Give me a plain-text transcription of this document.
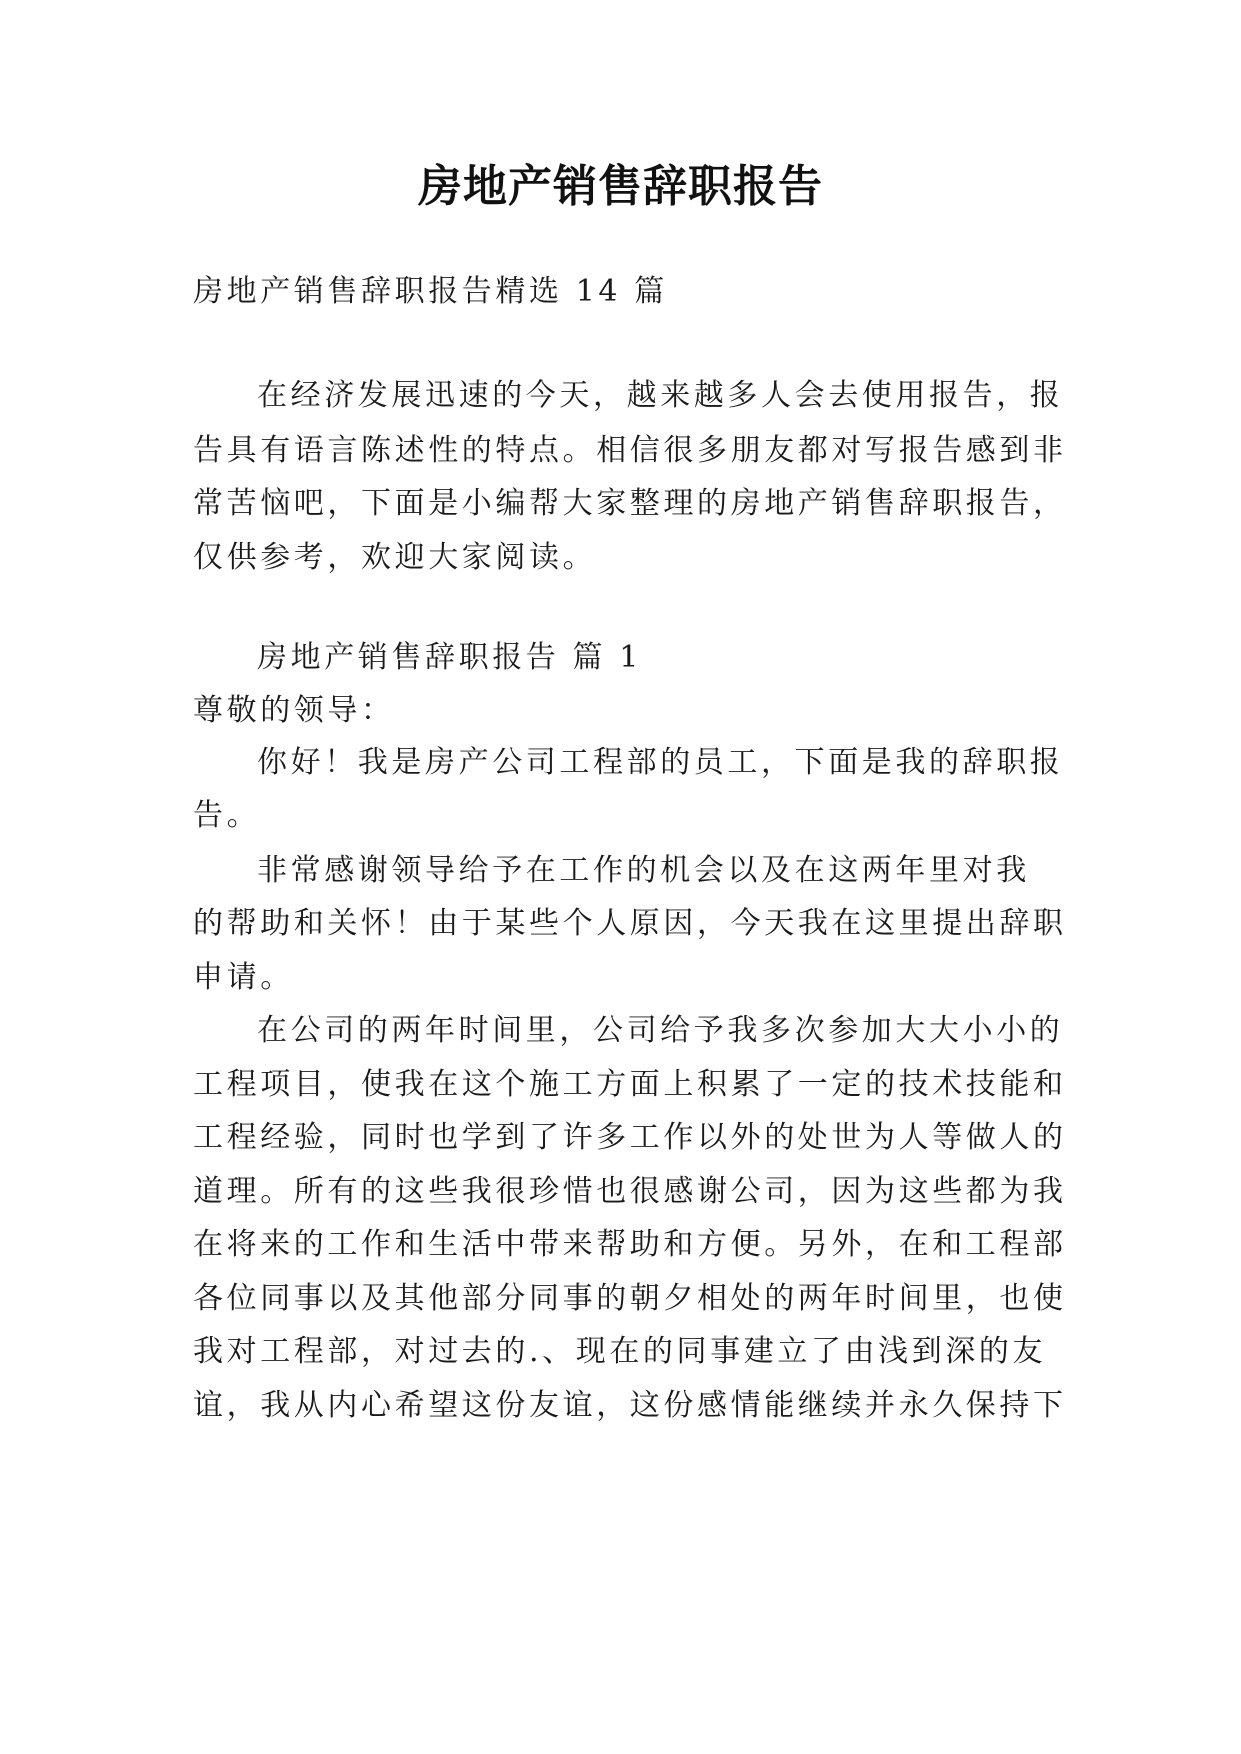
房地产销售辞职报告
房地产销售辞职报告精选 14 篇
在经济发展迅速的今天，越来越多人会去使用报告，报
告具有语言陈述性的特点。相信很多朋友都对写报告感到非
常苦恼吧，下面是小编帮大家整理的房地产销售辞职报告，
仅供参考，欢迎大家阅读。
房地产销售辞职报告 篇 1
尊敬的领导：
你好！我是房产公司工程部的员工，下面是我的辞职报
告。
非常感谢领导给予在工作的机会以及在这两年里对我
的帮助和关怀！由于某些个人原因，今天我在这里提出辞职
申请。
在公司的两年时间里，公司给予我多次参加大大小小的
工程项目，使我在这个施工方面上积累了一定的技术技能和
工程经验，同时也学到了许多工作以外的处世为人等做人的
道理。所有的这些我很珍惜也很感谢公司，因为这些都为我
在将来的工作和生活中带来帮助和方便。另外，在和工程部
各位同事以及其他部分同事的朝夕相处的两年时间里，也使
我对工程部，对过去的.、现在的同事建立了由浅到深的友
谊，我从内心希望这份友谊，这份感情能继续并永久保持下
